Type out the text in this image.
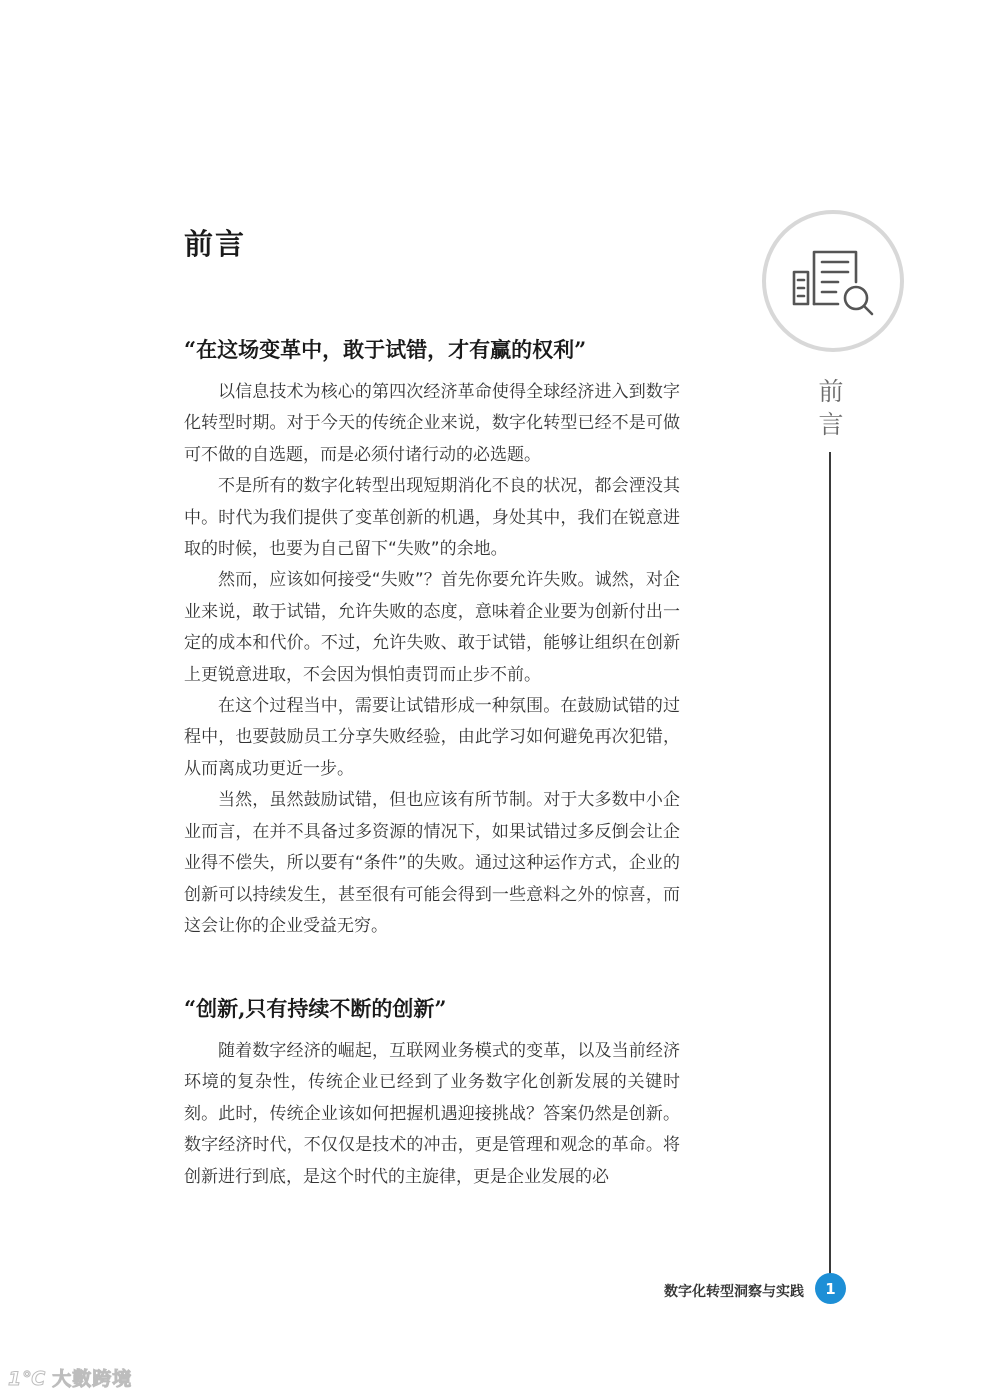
前言
“在这场变革中，敢于试错，才有赢的权利”

以信息技术为核心的第四次经济革命使得全球经济进入到数字化转型时期。对于今天的传统企业来说，数字化转型已经不是可做可不做的自选题，而是必须付诸行动的必选题。

不是所有的数字化转型出现短期消化不良的状况，都会湮没其中。时代为我们提供了变革创新的机遇，身处其中，我们在锐意进取的时候，也要为自己留下“失败”的余地。

然而，应该如何接受“失败”？首先你要允许失败。诚然，对企业来说，敢于试错，允许失败的态度，意味着企业要为创新付出一定的成本和代价。不过，允许失败、敢于试错，能够让组织在创新上更锐意进取，不会因为惧怕责罚而止步不前。

在这个过程当中，需要让试错形成一种氛围。在鼓励试错的过程中，也要鼓励员工分享失败经验，由此学习如何避免再次犯错，从而离成功更近一步。

当然，虽然鼓励试错，但也应该有所节制。对于大多数中小企业而言，在并不具备过多资源的情况下，如果试错过多反倒会让企业得不偿失，所以要有“条件”的失败。通过这种运作方式，企业的创新可以持续发生，甚至很有可能会得到一些意料之外的惊喜，而这会让你的企业受益无穷。

“创新,只有持续不断的创新”

随着数字经济的崛起，互联网业务模式的变革，以及当前经济环境的复杂性，传统企业已经到了业务数字化创新发展的关键时刻。此时，传统企业该如何把握机遇迎接挑战？答案仍然是创新。数字经济时代，不仅仅是技术的冲击，更是管理和观念的革命。将创新进行到底，是这个时代的主旋律，更是企业发展的必

前
言
数字化转型洞察与实践	1
1℃ 大數跨境
